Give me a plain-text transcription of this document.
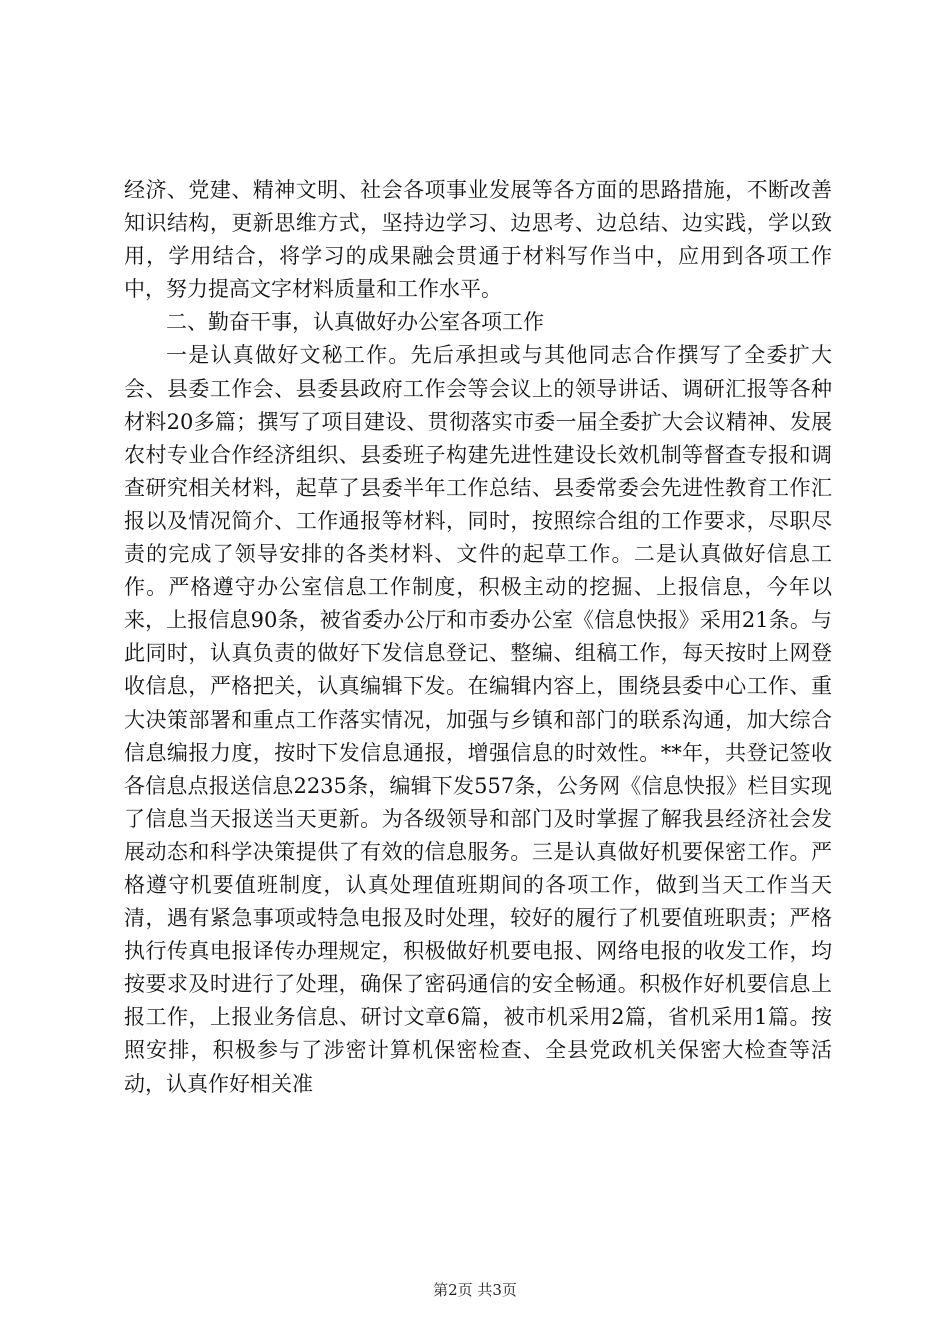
经济、党建、精神文明、社会各项事业发展等各方面的思路措施，不断改善知识结构，更新思维方式，坚持边学习、边思考、边总结、边实践，学以致用，学用结合，将学习的成果融会贯通于材料写作当中，应用到各项工作中，努力提高文字材料质量和工作水平。

二、勤奋干事，认真做好办公室各项工作

一是认真做好文秘工作。先后承担或与其他同志合作撰写了全委扩大会、县委工作会、县委县政府工作会等会议上的领导讲话、调研汇报等各种材料20多篇；撰写了项目建设、贯彻落实市委一届全委扩大会议精神、发展农村专业合作经济组织、县委班子构建先进性建设长效机制等督查专报和调查研究相关材料，起草了县委半年工作总结、县委常委会先进性教育工作汇报以及情况简介、工作通报等材料，同时，按照综合组的工作要求，尽职尽责的完成了领导安排的各类材料、文件的起草工作。二是认真做好信息工作。严格遵守办公室信息工作制度，积极主动的挖掘、上报信息，今年以来，上报信息90条，被省委办公厅和市委办公室《信息快报》采用21条。与此同时，认真负责的做好下发信息登记、整编、组稿工作，每天按时上网登收信息，严格把关，认真编辑下发。在编辑内容上，围绕县委中心工作、重大决策部署和重点工作落实情况，加强与乡镇和部门的联系沟通，加大综合信息编报力度，按时下发信息通报，增强信息的时效性。**年，共登记签收各信息点报送信息2235条，编辑下发557条，公务网《信息快报》栏目实现了信息当天报送当天更新。为各级领导和部门及时掌握了解我县经济社会发展动态和科学决策提供了有效的信息服务。三是认真做好机要保密工作。严格遵守机要值班制度，认真处理值班期间的各项工作，做到当天工作当天清，遇有紧急事项或特急电报及时处理，较好的履行了机要值班职责；严格执行传真电报译传办理规定，积极做好机要电报、网络电报的收发工作，均按要求及时进行了处理，确保了密码通信的安全畅通。积极作好机要信息上报工作，上报业务信息、研讨文章6篇，被市机采用2篇，省机采用1篇。按照安排，积极参与了涉密计算机保密检查、全县党政机关保密大检查等活动，认真作好相关准

第2页 共3页
